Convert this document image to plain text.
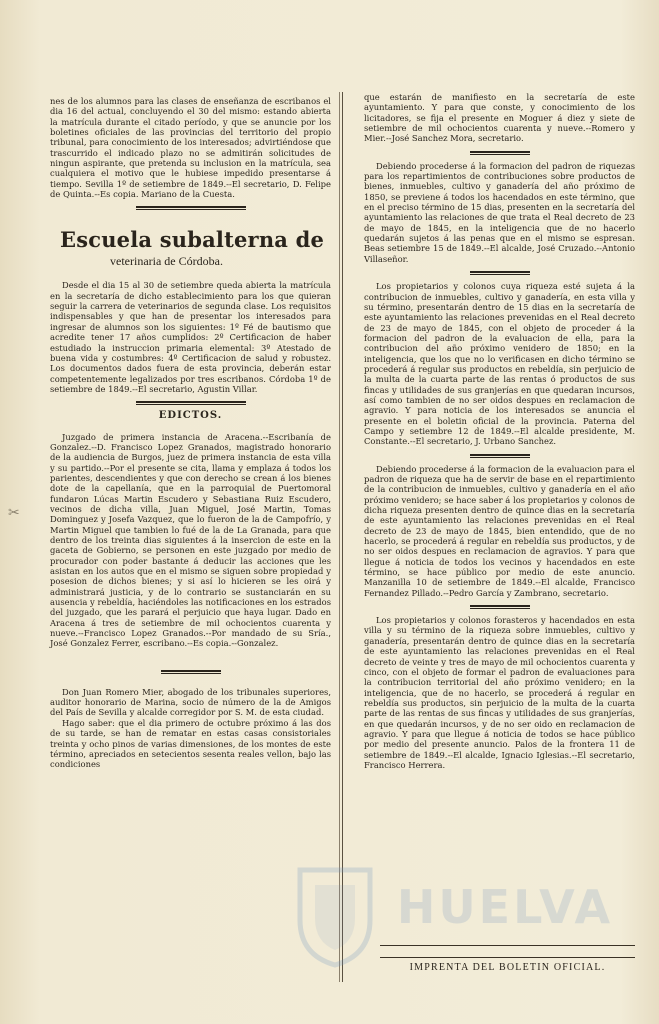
✂

nes de los alumnos para las clases de enseñanza de escribanos el dia 16 del actual, concluyendo el 30 del mismo: estando abierta la matrícula durante el citado período, y que se anuncie por los boletines oficiales de las provincias del territorio del propio tribunal, para conocimiento de los interesados; advirtiéndose que trascurrido el indicado plazo no se admitirán solicitudes de ningun aspirante, que pretenda su inclusion en la matrícula, sea cualquiera el motivo que le hubiese impedido presentarse á tiempo. Sevilla 1º de setiembre de 1849.--El secretario, D. Felipe de Quinta.--Es copia. Mariano de la Cuesta.

Escuela subalterna de
veterinaria de Córdoba.

Desde el dia 15 al 30 de setiembre queda abierta la matrícula en la secretaría de dicho establecimiento para los que quieran seguir la carrera de veterinarios de segunda clase. Los requisitos indispensables y que han de presentar los interesados para ingresar de alumnos son los siguientes: 1º Fé de bautismo que acredite tener 17 años cumplidos: 2º Certificacion de haber estudiado la instruccion primaria elemental: 3º Atestado de buena vida y costumbres: 4º Certificacion de salud y robustez. Los documentos dados fuera de esta provincia, deberán estar competentemente legalizados por tres escribanos. Córdoba 1º de setiembre de 1849.--El secretario, Agustin Villar.

EDICTOS.

Juzgado de primera instancia de Aracena.--Escribanía de Gonzalez.--D. Francisco Lopez Granados, magistrado honorario de la audiencia de Burgos, juez de primera instancia de esta villa y su partido.--Por el presente se cita, llama y emplaza á todos los parientes, descendientes y que con derecho se crean á los bienes dote de la capellanía, que en la parroquial de Puertomoral fundaron Lúcas Martin Escudero y Sebastiana Ruiz Escudero, vecinos de dicha villa, Juan Miguel, José Martin, Tomas Dominguez y Josefa Vazquez, que lo fueron de la de Campofrío, y Martin Miguel que tambien lo fué de la de La Granada, para que dentro de los treinta dias siguientes á la insercion de este en la gaceta de Gobierno, se personen en este juzgado por medio de procurador con poder bastante á deducir las acciones que les asistan en los autos que en el mismo se siguen sobre propiedad y posesion de dichos bienes; y si así lo hicieren se les oirá y administrará justicia, y de lo contrario se sustanciarán en su ausencia y rebeldía, haciéndoles las notificaciones en los estrados del juzgado, que les parará el perjuicio que haya lugar. Dado en Aracena á tres de setiembre de mil ochocientos cuarenta y nueve.--Francisco Lopez Granados.--Por mandado de su Sría., José Gonzalez Ferrer, escribano.--Es copia.--Gonzalez.

Don Juan Romero Mier, abogado de los tribunales superiores, auditor honorario de Marina, socio de número de la de Amigos del País de Sevilla y alcalde corregidor por S. M. de esta ciudad.

Hago saber: que el dia primero de octubre próximo á las dos de su tarde, se han de rematar en estas casas consistoriales treinta y ocho pinos de varias dimensiones, de los montes de este término, apreciados en setecientos sesenta reales vellon, bajo las condiciones

que estarán de manifiesto en la secretaría de este ayuntamiento. Y para que conste, y conocimiento de los licitadores, se fija el presente en Moguer á diez y siete de setiembre de mil ochocientos cuarenta y nueve.--Romero y Mier.--José Sanchez Mora, secretario.

Debiendo procederse á la formacion del padron de riquezas para los repartimientos de contribuciones sobre productos de bienes, inmuebles, cultivo y ganadería del año próximo de 1850, se previene á todos los hacendados en este término, que en el preciso término de 15 dias, presenten en la secretaría del ayuntamiento las relaciones de que trata el Real decreto de 23 de mayo de 1845, en la inteligencia que de no hacerlo quedarán sujetos á las penas que en el mismo se espresan. Beas setiembre 15 de 1849.--El alcalde, José Cruzado.--Antonio Villaseñor.

Los propietarios y colonos cuya riqueza esté sujeta á la contribucion de inmuebles, cultivo y ganadería, en esta villa y su término, presentarán dentro de 15 dias en la secretaría de este ayuntamiento las relaciones prevenidas en el Real decreto de 23 de mayo de 1845, con el objeto de proceder á la formacion del padron de la evaluacion de ella, para la contribucion del año próximo venidero de 1850; en la inteligencia, que los que no lo verificasen en dicho término se procederá á regular sus productos en rebeldía, sin perjuicio de la multa de la cuarta parte de las rentas ó productos de sus fincas y utilidades de sus granjerías en que quedaran incursos, así como tambien de no ser oidos despues en reclamacion de agravio. Y para noticia de los interesados se anuncia el presente en el boletin oficial de la provincia. Paterna del Campo y setiembre 12 de 1849.--El alcalde presidente, M. Constante.--El secretario, J. Urbano Sanchez.

Debiendo procederse á la formacion de la evaluacion para el padron de riqueza que ha de servir de base en el repartimiento de la contribucion de inmuebles, cultivo y ganadería en el año próximo venidero; se hace saber á los propietarios y colonos de dicha riqueza presenten dentro de quince dias en la secretaría de este ayuntamiento las relaciones prevenidas en el Real decreto de 23 de mayo de 1845, bien entendido, que de no hacerlo, se procederá á regular en rebeldía sus productos, y de no ser oidos despues en reclamacion de agravios. Y para que llegue á noticia de todos los vecinos y hacendados en este término, se hace público por medio de este anuncio. Manzanilla 10 de setiembre de 1849.--El alcalde, Francisco Fernandez Pillado.--Pedro García y Zambrano, secretario.

Los propietarios y colonos forasteros y hacendados en esta villa y su término de la riqueza sobre inmuebles, cultivo y ganadería, presentarán dentro de quince dias en la secretaría de este ayuntamiento las relaciones prevenidas en el Real decreto de veinte y tres de mayo de mil ochocientos cuarenta y cinco, con el objeto de formar el padron de evaluaciones para la contribucion territorial del año próximo venidero; en la inteligencia, que de no hacerlo, se procederá á regular en rebeldía sus productos, sin perjuicio de la multa de la cuarta parte de las rentas de sus fincas y utilidades de sus granjerías, en que quedarán incursos, y de no ser oido en reclamacion de agravio. Y para que llegue á noticia de todos se hace público por medio del presente anuncio. Palos de la frontera 11 de setiembre de 1849.--El alcalde, Ignacio Iglesias.--El secretario, Francisco Herrera.

HUELVA
IMPRENTA DEL BOLETIN OFICIAL.
